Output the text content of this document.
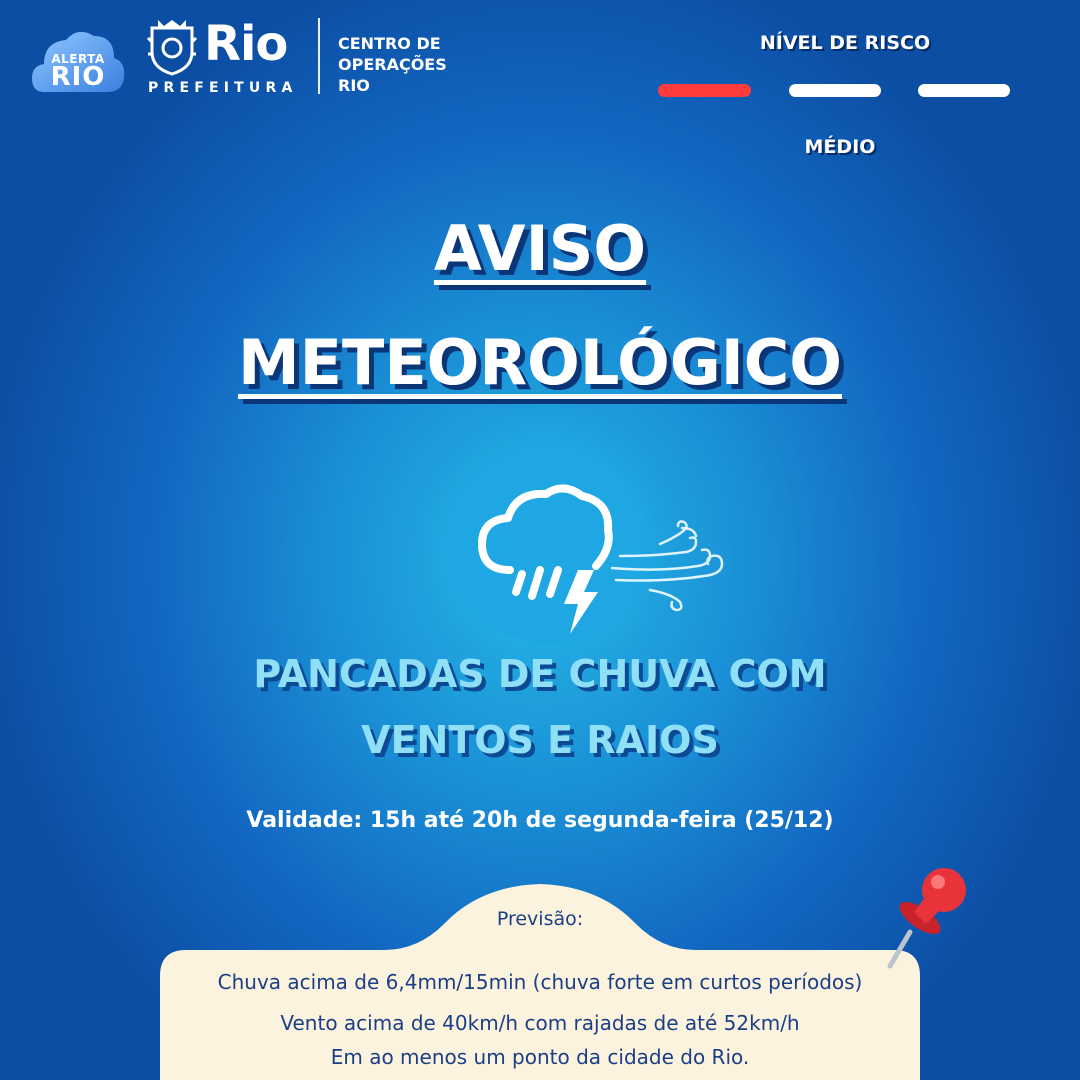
ALERTA
RIO
Rio
PREFEITURA
CENTRO DE
OPERAÇÕES
RIO
NÍVEL DE RISCO
MÉDIO
AVISO
METEOROLÓGICO
PANCADAS DE CHUVA COM
VENTOS E RAIOS
Validade: 15h até 20h de segunda-feira (25/12)
Previsão:
Chuva acima de 6,4mm/15min (chuva forte em curtos períodos)
Vento acima de 40km/h com rajadas de até 52km/h
Em ao menos um ponto da cidade do Rio.
